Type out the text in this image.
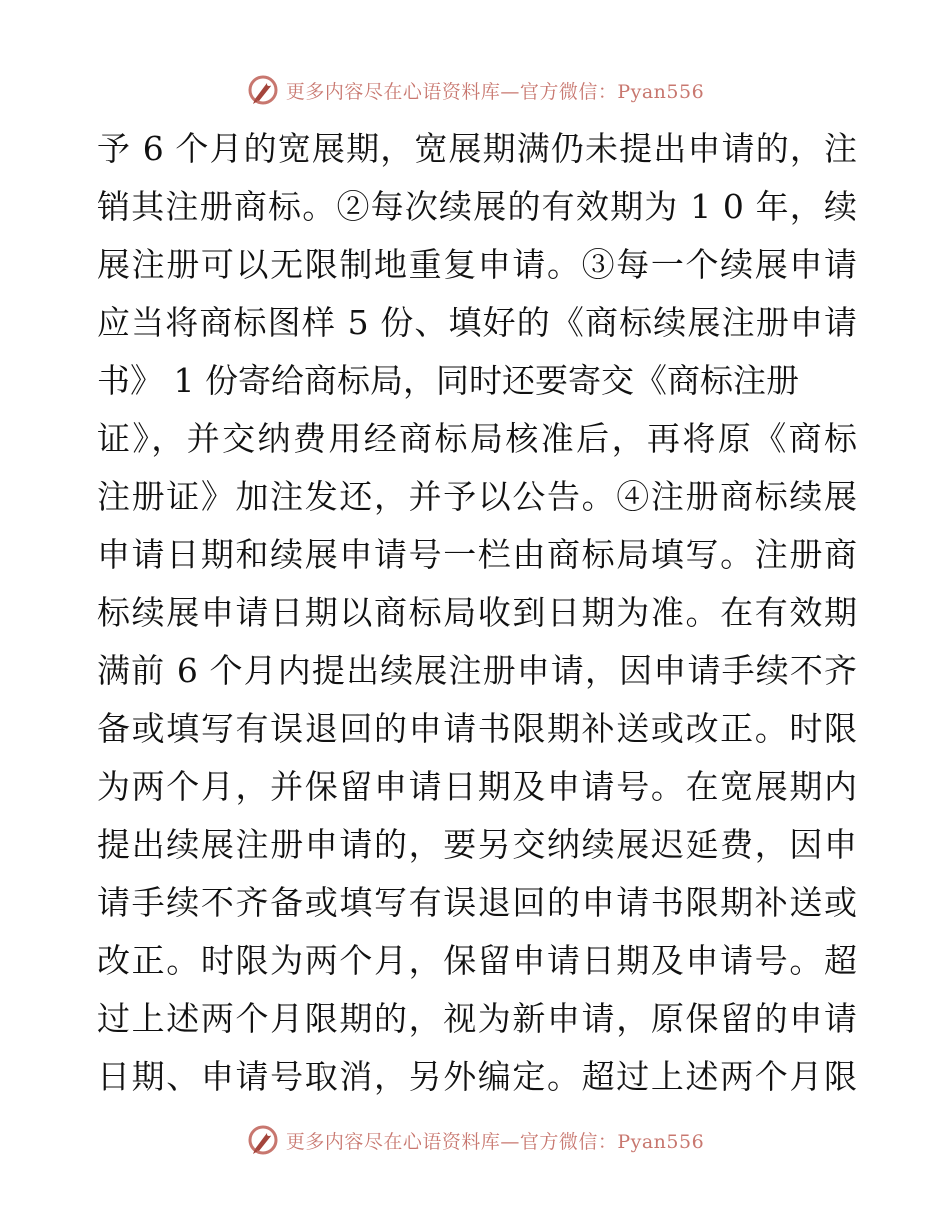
更多内容尽在心语资料库—官方微信：Pyan556
予 6 个月的宽展期，宽展期满仍未提出申请的，注
销其注册商标。②每次续展的有效期为 1 0 年，续
展注册可以无限制地重复申请。③每一个续展申请
应当将商标图样 5 份、填好的《商标续展注册申请
书》 1 份寄给商标局，同时还要寄交《商标注册
证》，并交纳费用经商标局核准后，再将原《商标
注册证》加注发还，并予以公告。④注册商标续展
申请日期和续展申请号一栏由商标局填写。注册商
标续展申请日期以商标局收到日期为准。在有效期
满前 6 个月内提出续展注册申请，因申请手续不齐
备或填写有误退回的申请书限期补送或改正。时限
为两个月，并保留申请日期及申请号。在宽展期内
提出续展注册申请的，要另交纳续展迟延费，因申
请手续不齐备或填写有误退回的申请书限期补送或
改正。时限为两个月，保留申请日期及申请号。超
过上述两个月限期的，视为新申请，原保留的申请
日期、申请号取消，另外编定。超过上述两个月限
更多内容尽在心语资料库—官方微信：Pyan556
